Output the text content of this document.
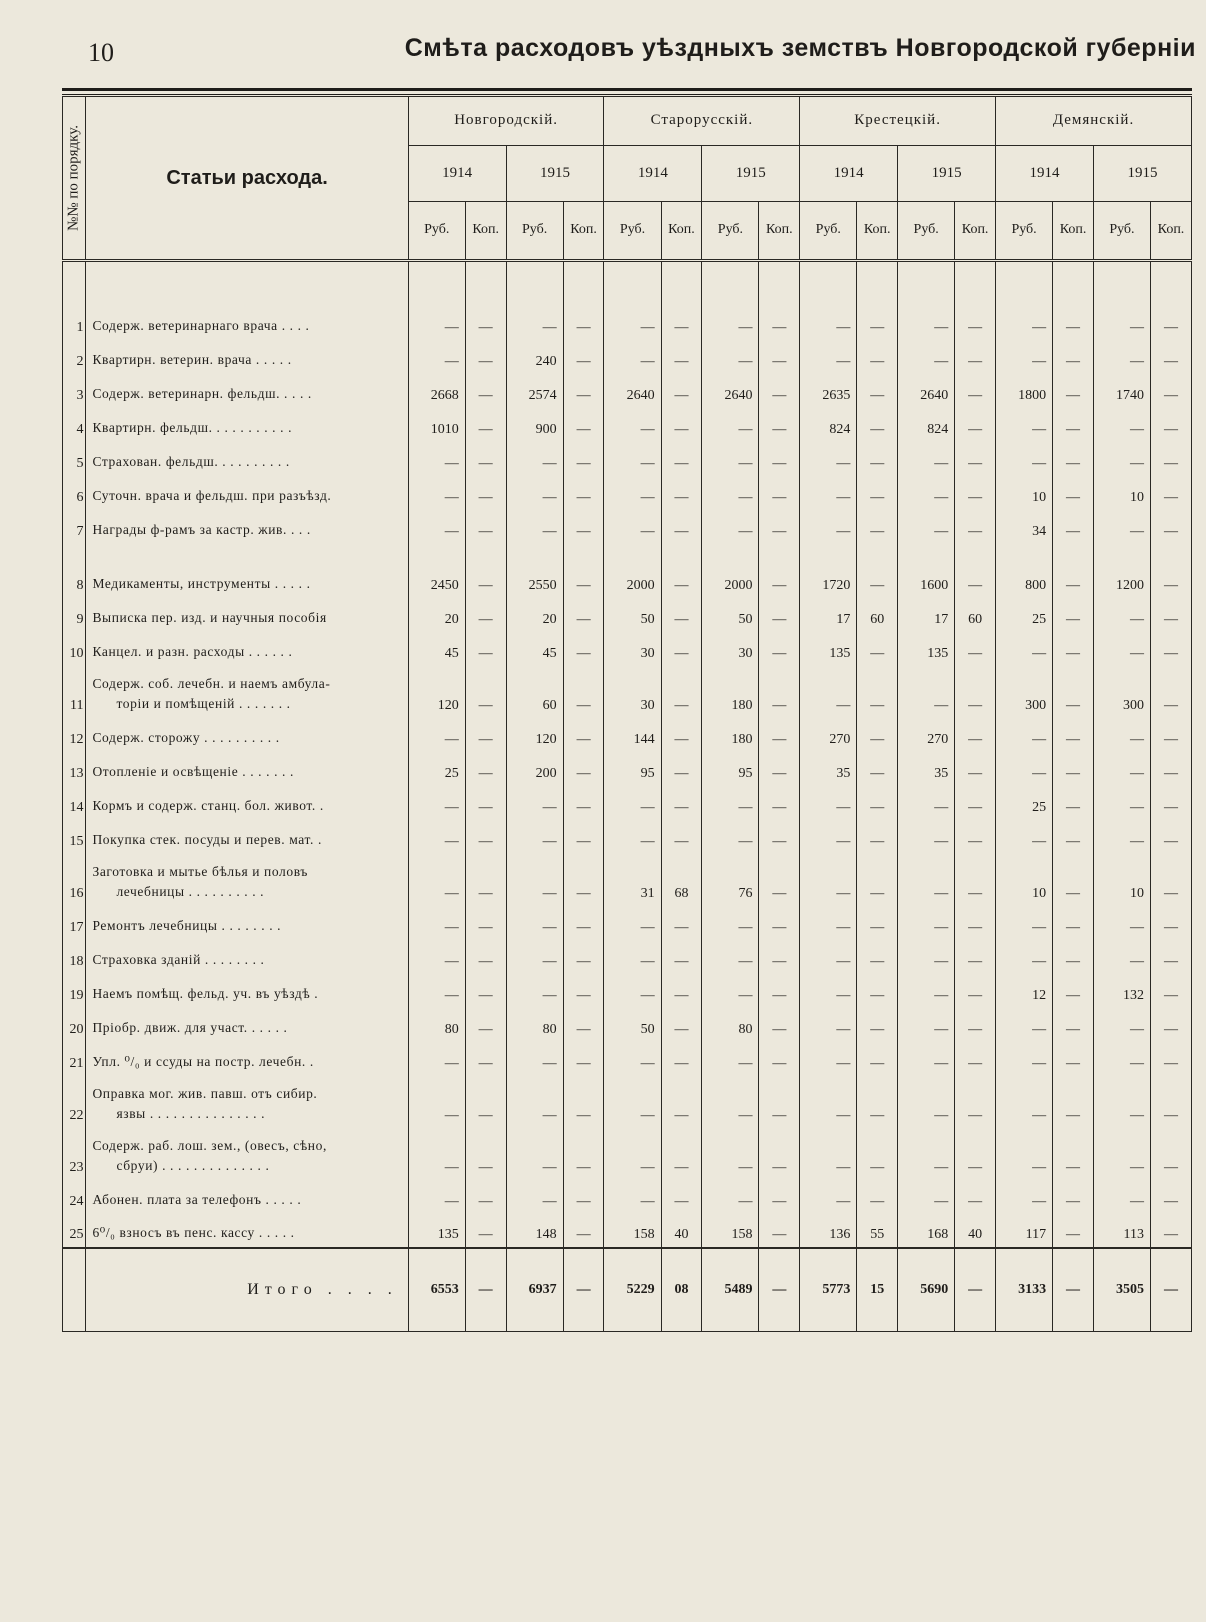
10	Смѣта расходовъ уѣздныхъ земствъ Новгородской губерніи
№№ по порядку.	Статьи расхода.	Новгородскій.				Старорусскій.				Крестецкій.				Демянскій.			
		1914		1915		1914		1915		1914		1915		1914		1915	
		Руб.	Коп.	Руб.	Коп.	Руб.	Коп.	Руб.	Коп.	Руб.	Коп.	Руб.	Коп.	Руб.	Коп.	Руб.	Коп.

1	Содерж. ветеринарнаго врача . . . .	—	—	—	—	—	—	—	—	—	—	—	—	—	—	—	—
2	Квартирн. ветерин. врача . . . . .	—	—	240	—	—	—	—	—	—	—	—	—	—	—	—	—
3	Содерж. ветеринарн. фельдш. . . . .	2668	—	2574	—	2640	—	2640	—	2635	—	2640	—	1800	—	1740	—
4	Квартирн. фельдш. . . . . . . . . . .	1010	—	900	—	—	—	—	—	824	—	824	—	—	—	—	—
5	Страхован. фельдш. . . . . . . . . .	—	—	—	—	—	—	—	—	—	—	—	—	—	—	—	—
6	Суточн. врача и фельдш. при разъѣзд.	—	—	—	—	—	—	—	—	—	—	—	—	10	—	10	—
7	Награды ф-рамъ за кастр. жив. . . .	—	—	—	—	—	—	—	—	—	—	—	—	34	—	—	—
8	Медикаменты, инструменты . . . . .	2450	—	2550	—	2000	—	2000	—	1720	—	1600	—	800	—	1200	—
9	Выписка пер. изд. и научныя пособія	20	—	20	—	50	—	50	—	17	60	17	60	25	—	—	—
10	Канцел. и разн. расходы . . . . . .	45	—	45	—	30	—	30	—	135	—	135	—	—	—	—	—
11	Содерж. соб. лечебн. и наемъ амбула-
торіи и помѣщеній . . . . . . .	120	—	60	—	30	—	180	—	—	—	—	—	300	—	300	—
12	Содерж. сторожу . . . . . . . . . .	—	—	120	—	144	—	180	—	270	—	270	—	—	—	—	—
13	Отопленіе и освѣщеніе . . . . . . .	25	—	200	—	95	—	95	—	35	—	35	—	—	—	—	—
14	Кормъ и содерж. станц. бол. живот. .	—	—	—	—	—	—	—	—	—	—	—	—	25	—	—	—
15	Покупка стек. посуды и перев. мат. .	—	—	—	—	—	—	—	—	—	—	—	—	—	—	—	—
16	Заготовка и мытье бѣлья и половъ
лечебницы . . . . . . . . . .	—	—	—	—	31	68	76	—	—	—	—	—	10	—	10	—
17	Ремонтъ лечебницы . . . . . . . .	—	—	—	—	—	—	—	—	—	—	—	—	—	—	—	—
18	Страховка зданій . . . . . . . .	—	—	—	—	—	—	—	—	—	—	—	—	—	—	—	—
19	Наемъ помѣщ. фельд. уч. въ уѣздѣ .	—	—	—	—	—	—	—	—	—	—	—	—	12	—	132	—
20	Пріобр. движ. для участ. . . . . .	80	—	80	—	50	—	80	—	—	—	—	—	—	—	—	—
21	Упл. ⁰/₀ и ссуды на постр. лечебн. .	—	—	—	—	—	—	—	—	—	—	—	—	—	—	—	—
22	Оправка мог. жив. павш. отъ сибир.
язвы . . . . . . . . . . . . . . .	—	—	—	—	—	—	—	—	—	—	—	—	—	—	—	—
23	Содерж. раб. лош. зем., (овесъ, сѣно,
сбруи) . . . . . . . . . . . . . .	—	—	—	—	—	—	—	—	—	—	—	—	—	—	—	—
24	Абонен. плата за телефонъ . . . . .	—	—	—	—	—	—	—	—	—	—	—	—	—	—	—	—
25	6⁰/₀ взносъ въ пенс. кассу . . . . .	135	—	148	—	158	40	158	—	136	55	168	40	117	—	113	—
	Итого . . . .	6553	—	6937	—	5229	08	5489	—	5773	15	5690	—	3133	—	3505	—
